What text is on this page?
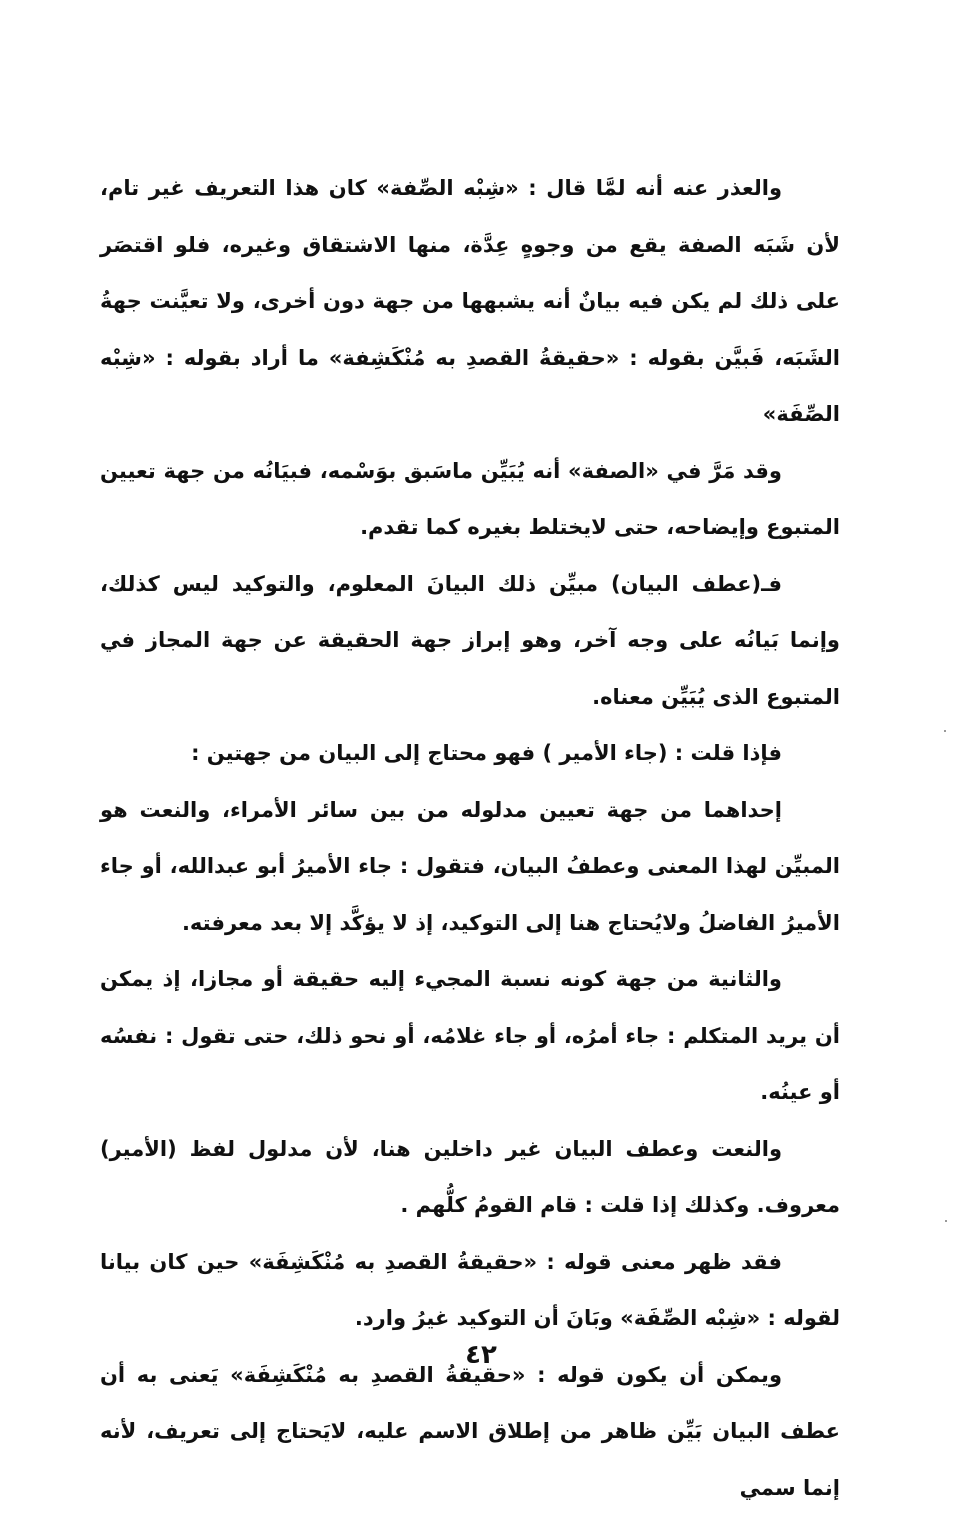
والعذر عنه أنه لمَّا قال : «شِبْه الصِّفة» كان هذا التعريف غير تام، لأن شَبَه الصفة يقع من وجوهٍ عِدَّة، منها الاشتقاق وغيره، فلو اقتصَر على ذلك لم يكن فيه بيانٌ أنه يشبهها من جهة دون أخرى، ولا تعيَّنت جهةُ الشَبَه، فَبيَّن بقوله : «حقيقةُ القصدِ به مُنْكَشِفة» ما أراد بقوله : «شِبْه الصِّفَة»

وقد مَرَّ في «الصفة» أنه يُبَيِّن ماسَبق بوَسْمه، فبيَانُه من جهة تعيين المتبوع وإيضاحه، حتى لايختلط بغيره كما تقدم.

فـ(عطف البيان) مبيِّن ذلك البيانَ المعلوم، والتوكيد ليس كذلك، وإنما بَيانُه على وجه آخر، وهو إبراز جهة الحقيقة عن جهة المجاز في المتبوع الذى يُبَيِّن معناه.

فإذا قلت : (جاء الأمير ) فهو محتاج إلى البيان من جهتين :

إحداهما من جهة تعيين مدلوله من بين سائر الأمراء، والنعت هو المبيِّن لهذا المعنى وعطفُ البيان، فتقول : جاء الأميرُ أبو عبدالله، أو جاء الأميرُ الفاضلُ ولايُحتاج هنا إلى التوكيد، إذ لا يؤكَّد إلا بعد معرفته.

والثانية من جهة كونه نسبة المجيء إليه حقيقة أو مجازا، إذ يمكن أن يريد المتكلم : جاء أمرُه، أو جاء غلامُه، أو نحو ذلك، حتى تقول : نفسُه أو عينُه.

والنعت وعطف البيان غير داخلين هنا، لأن مدلول لفظ (الأمير) معروف. وكذلك إذا قلت : قام القومُ كلُّهم .

فقد ظهر معنى قوله : «حقيقةُ القصدِ به مُنْكَشِفَة» حين كان بيانا لقوله : «شِبْه الصِّفَة» وبَانَ أن التوكيد غيرُ وارد.

ويمكن أن يكون قوله : «حقيقةُ القصدِ به مُنْكَشِفَة» يَعنى به أن عطف البيان بَيِّن ظاهر من إطلاق الاسم عليه، لايَحتاج إلى تعريف، لأنه إنما سمي

٤٢
